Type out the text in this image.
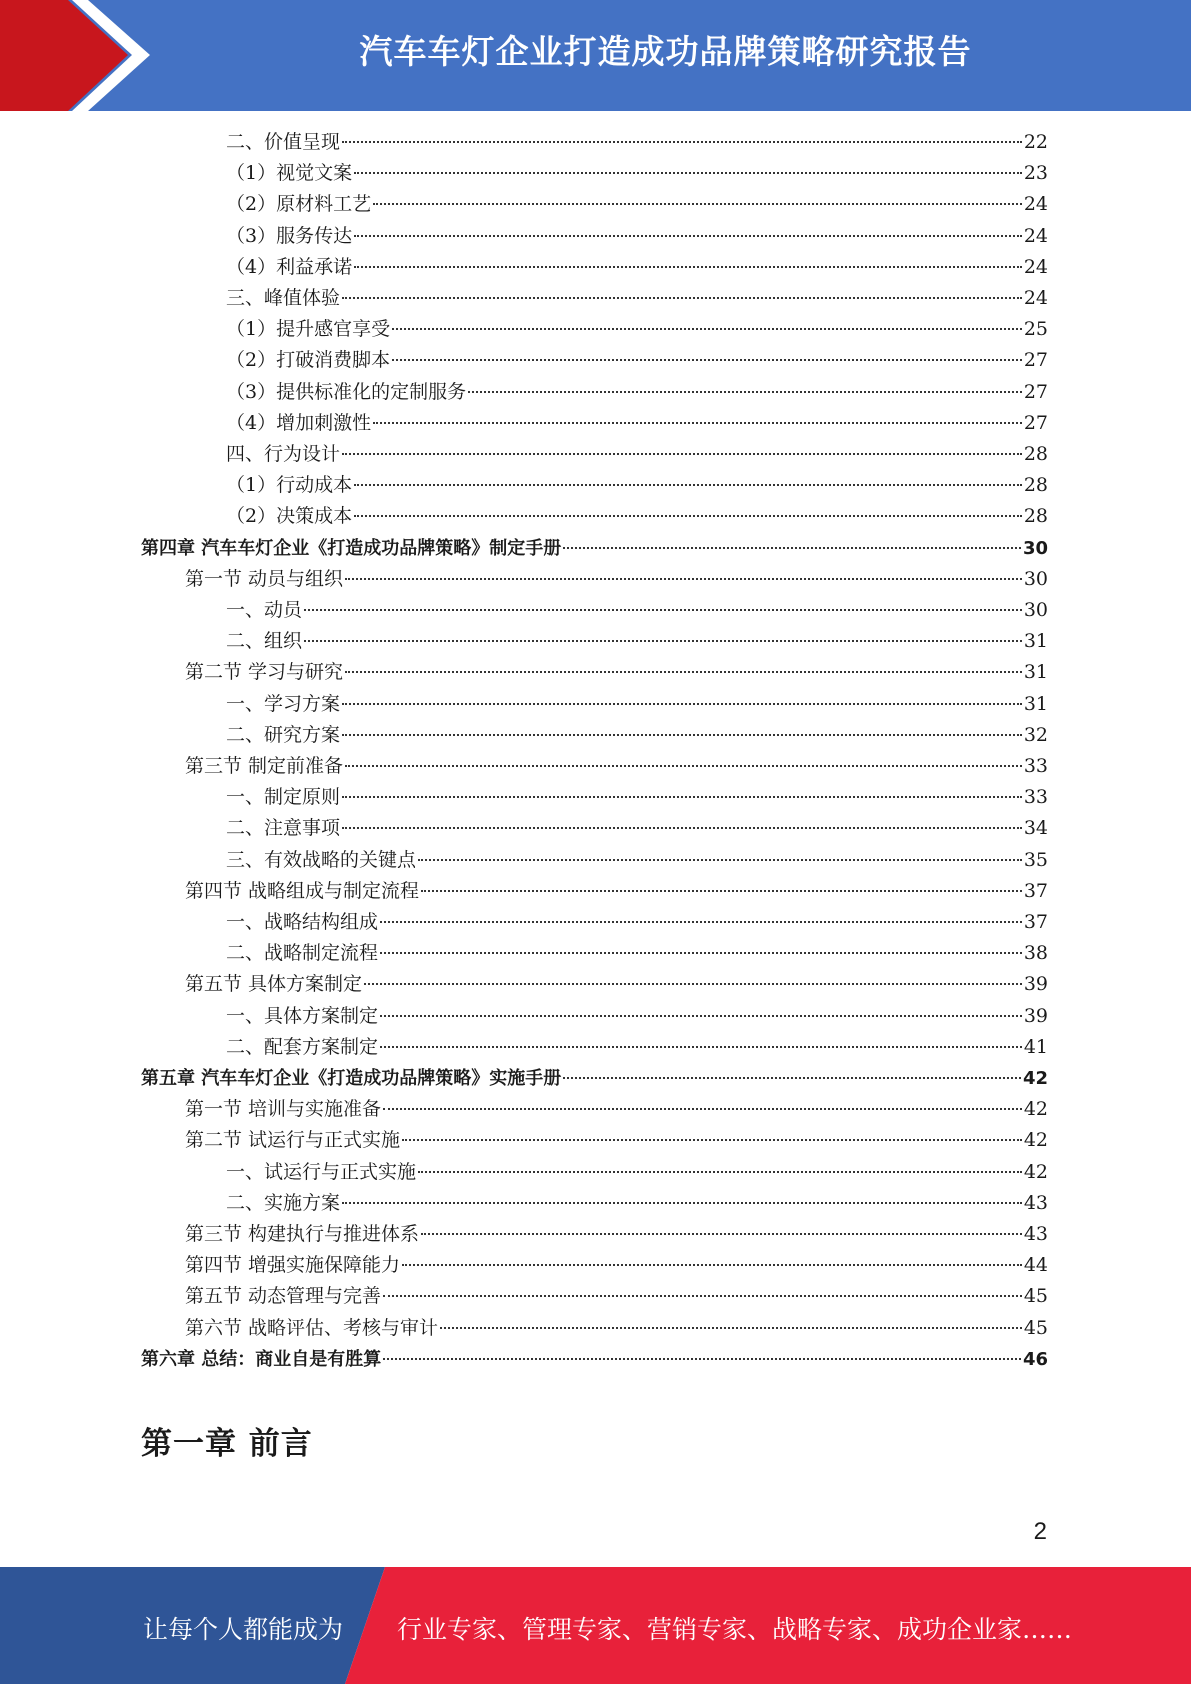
汽车车灯企业打造成功品牌策略研究报告
二、价值呈现	22
（1）视觉文案	23
（2）原材料工艺	24
（3）服务传达	24
（4）利益承诺	24
三、峰值体验	24
（1）提升感官享受	25
（2）打破消费脚本	27
（3）提供标准化的定制服务	27
（4）增加刺激性	27
四、行为设计	28
（1）行动成本	28
（2）决策成本	28
第四章 汽车车灯企业《打造成功品牌策略》制定手册	30
第一节 动员与组织	30
一、动员	30
二、组织	31
第二节 学习与研究	31
一、学习方案	31
二、研究方案	32
第三节 制定前准备	33
一、制定原则	33
二、注意事项	34
三、有效战略的关键点	35
第四节 战略组成与制定流程	37
一、战略结构组成	37
二、战略制定流程	38
第五节 具体方案制定	39
一、具体方案制定	39
二、配套方案制定	41
第五章 汽车车灯企业《打造成功品牌策略》实施手册	42
第一节 培训与实施准备	42
第二节 试运行与正式实施	42
一、试运行与正式实施	42
二、实施方案	43
第三节 构建执行与推进体系	43
第四节 增强实施保障能力	44
第五节 动态管理与完善	45
第六节 战略评估、考核与审计	45
第六章 总结：商业自是有胜算	46
第一章 前言
2
让每个人都能成为 行业专家、管理专家、营销专家、战略专家、成功企业家……
